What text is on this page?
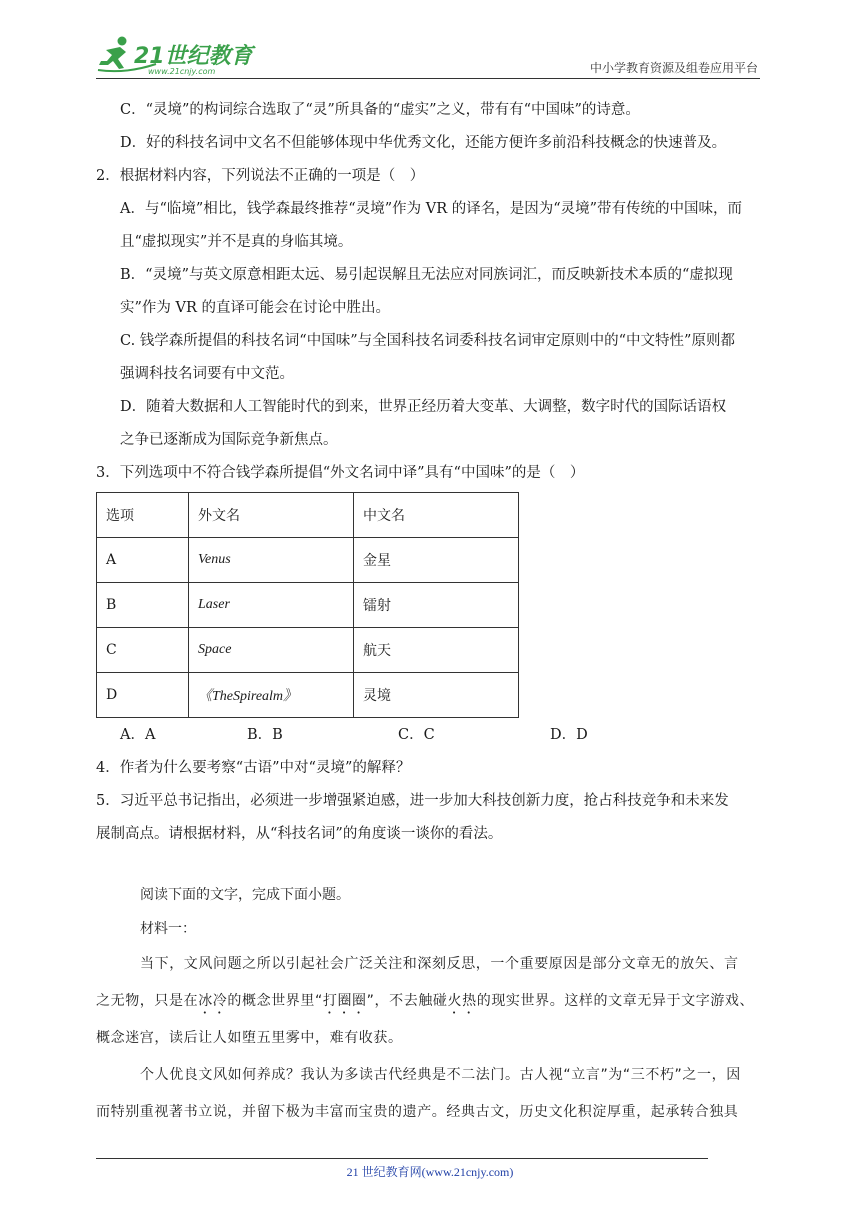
21世纪教育
www.21cnjy.com	中小学教育资源及组卷应用平台
C．“灵境”的构词综合选取了“灵”所具备的“虚实”之义，带有有“中国味”的诗意。
D．好的科技名词中文名不但能够体现中华优秀文化，还能方便许多前沿科技概念的快速普及。
2．根据材料内容，下列说法不正确的一项是（　）
A．与“临境”相比，钱学森最终推荐“灵境”作为 VR 的译名，是因为“灵境”带有传统的中国味，而
且“虚拟现实”并不是真的身临其境。
B．“灵境”与英文原意相距太远、易引起误解且无法应对同族词汇，而反映新技术本质的“虚拟现
实”作为 VR 的直译可能会在讨论中胜出。
C. 钱学森所提倡的科技名词“中国味”与全国科技名词委科技名词审定原则中的“中文特性”原则都
强调科技名词要有中文范。
D．随着大数据和人工智能时代的到来，世界正经历着大变革、大调整，数字时代的国际话语权
之争已逐渐成为国际竞争新焦点。
3．下列选项中不符合钱学森所提倡“外文名词中译”具有“中国味”的是（　）
选项	外文名	中文名
A	Venus	金星
B	Laser	镭射
C	Space	航天
D	《TheSpirealm》	灵境
A．A	B．B	C．C	D．D
4．作者为什么要考察“古语”中对“灵境”的解释？
5．习近平总书记指出，必须进一步增强紧迫感，进一步加大科技创新力度，抢占科技竞争和未来发
展制高点。请根据材料，从“科技名词”的角度谈一谈你的看法。
阅读下面的文字，完成下面小题。
材料一：
当下，文风问题之所以引起社会广泛关注和深刻反思，一个重要原因是部分文章无的放矢、言
之无物，只是在冰冷的概念世界里“打圈圈”，不去触碰火热的现实世界。这样的文章无异于文字游戏、
概念迷宫，读后让人如堕五里雾中，难有收获。
个人优良文风如何养成？我认为多读古代经典是不二法门。古人视“立言”为“三不朽”之一，因
而特别重视著书立说，并留下极为丰富而宝贵的遗产。经典古文，历史文化积淀厚重，起承转合独具
21 世纪教育网(www.21cnjy.com)
